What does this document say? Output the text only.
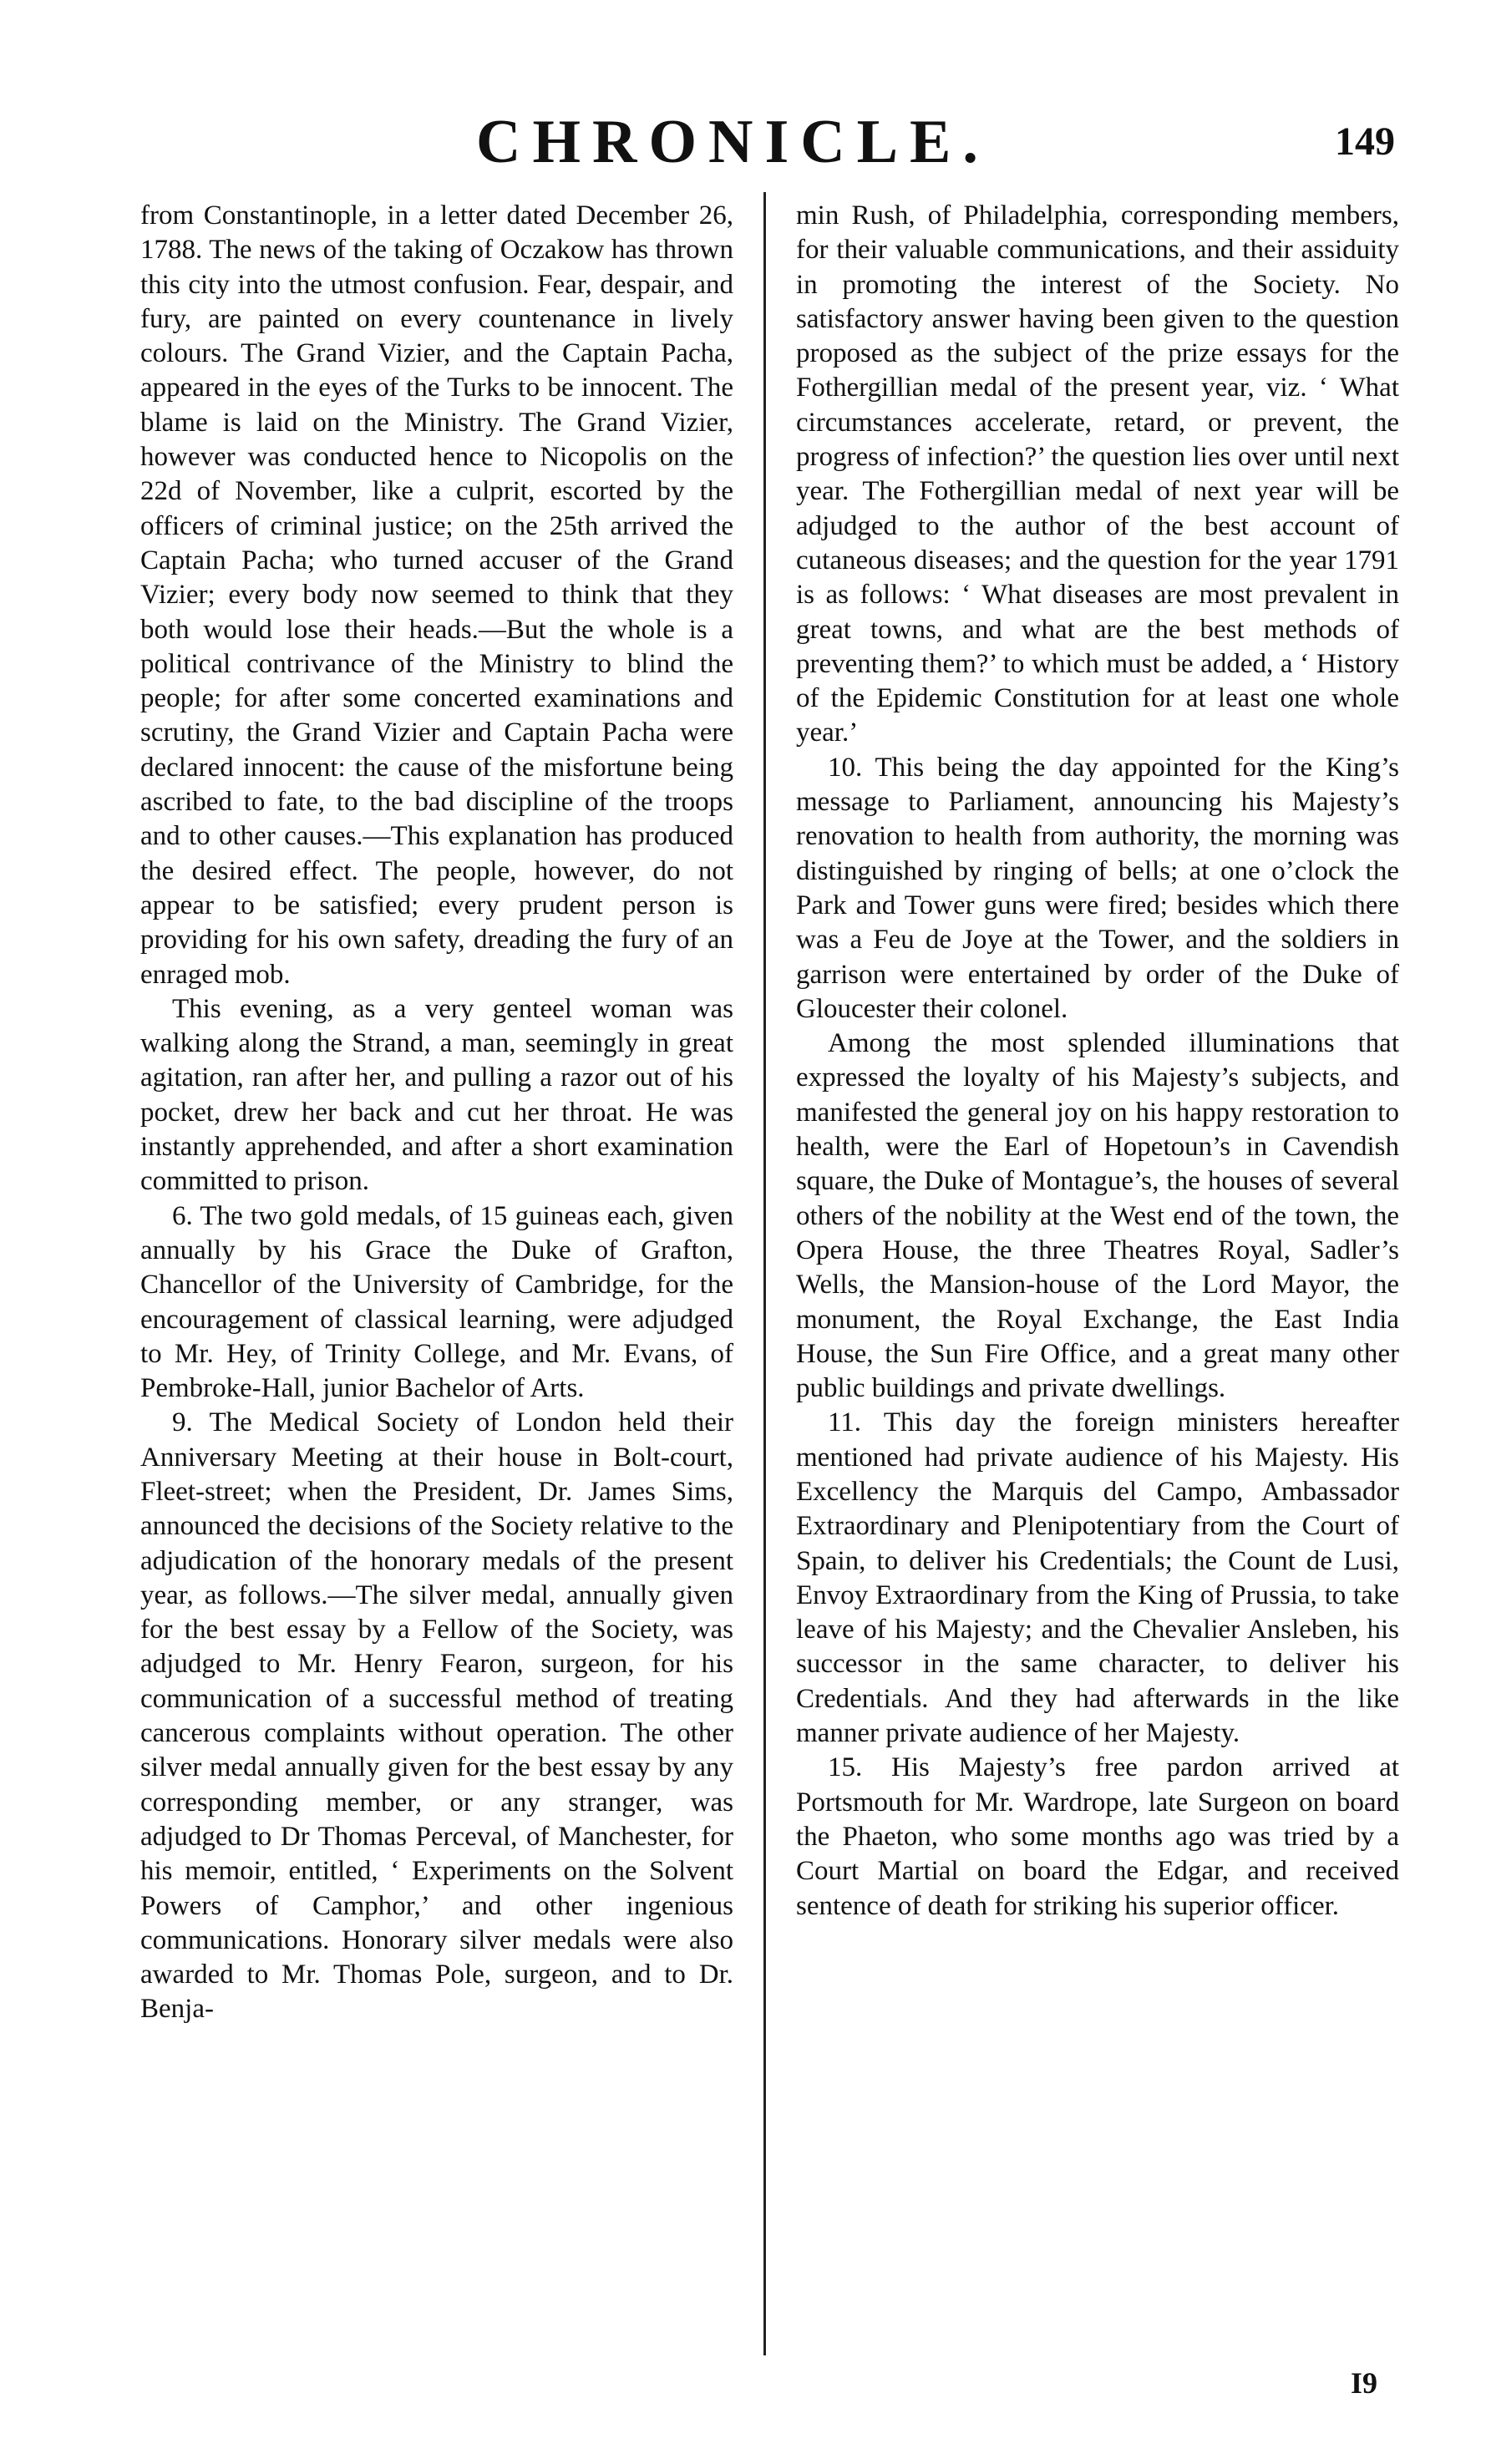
CHRONICLE.	149

from Constantinople, in a letter dated December 26, 1788. The news of the taking of Oczakow has thrown this city into the utmost confusion. Fear, despair, and fury, are painted on every countenance in lively colours. The Grand Vizier, and the Captain Pacha, appeared in the eyes of the Turks to be innocent. The blame is laid on the Ministry. The Grand Vizier, however was conducted hence to Nicopolis on the 22d of November, like a culprit, escorted by the officers of criminal justice; on the 25th arrived the Captain Pacha; who turned accuser of the Grand Vizier; every body now seemed to think that they both would lose their heads.—But the whole is a political contrivance of the Ministry to blind the people; for after some concerted examinations and scrutiny, the Grand Vizier and Captain Pacha were declared innocent: the cause of the misfortune being ascribed to fate, to the bad discipline of the troops and to other causes.—This explanation has produced the desired effect. The people, however, do not appear to be satisfied; every prudent person is providing for his own safety, dreading the fury of an enraged mob.

This evening, as a very genteel woman was walking along the Strand, a man, seemingly in great agitation, ran after her, and pulling a razor out of his pocket, drew her back and cut her throat. He was instantly apprehended, and after a short examination committed to prison.

6. The two gold medals, of 15 guineas each, given annually by his Grace the Duke of Grafton, Chancellor of the University of Cambridge, for the encouragement of classical learning, were adjudged to Mr. Hey, of Trinity College, and Mr. Evans, of Pembroke-Hall, junior Bachelor of Arts.

9. The Medical Society of London held their Anniversary Meeting at their house in Bolt-court, Fleet-street; when the President, Dr. James Sims, announced the decisions of the Society relative to the adjudication of the honorary medals of the present year, as follows.—The silver medal, annually given for the best essay by a Fellow of the Society, was adjudged to Mr. Henry Fearon, surgeon, for his communication of a successful method of treating cancerous complaints without operation. The other silver medal annually given for the best essay by any corresponding member, or any stranger, was adjudged to Dr Thomas Perceval, of Manchester, for his memoir, entitled, ‘ Experiments on the Solvent Powers of Camphor,’ and other ingenious communications. Honorary silver medals were also awarded to Mr. Thomas Pole, surgeon, and to Dr. Benja-

min Rush, of Philadelphia, corresponding members, for their valuable communications, and their assiduity in promoting the interest of the Society. No satisfactory answer having been given to the question proposed as the subject of the prize essays for the Fothergillian medal of the present year, viz. ‘ What circumstances accelerate, retard, or prevent, the progress of infection?’ the question lies over until next year. The Fothergillian medal of next year will be adjudged to the author of the best account of cutaneous diseases; and the question for the year 1791 is as follows: ‘ What diseases are most prevalent in great towns, and what are the best methods of preventing them?’ to which must be added, a ‘ History of the Epidemic Constitution for at least one whole year.’

10. This being the day appointed for the King’s message to Parliament, announcing his Majesty’s renovation to health from authority, the morning was distinguished by ringing of bells; at one o’clock the Park and Tower guns were fired; besides which there was a Feu de Joye at the Tower, and the soldiers in garrison were entertained by order of the Duke of Gloucester their colonel.

Among the most splended illuminations that expressed the loyalty of his Majesty’s subjects, and manifested the general joy on his happy restoration to health, were the Earl of Hopetoun’s in Cavendish square, the Duke of Montague’s, the houses of several others of the nobility at the West end of the town, the Opera House, the three Theatres Royal, Sadler’s Wells, the Mansion-house of the Lord Mayor, the monument, the Royal Exchange, the East India House, the Sun Fire Office, and a great many other public buildings and private dwellings.

11. This day the foreign ministers hereafter mentioned had private audience of his Majesty. His Excellency the Marquis del Campo, Ambassador Extraordinary and Plenipotentiary from the Court of Spain, to deliver his Credentials; the Count de Lusi, Envoy Extraordinary from the King of Prussia, to take leave of his Majesty; and the Chevalier Ansleben, his successor in the same character, to deliver his Credentials. And they had afterwards in the like manner private audience of her Majesty.

15. His Majesty’s free pardon arrived at Portsmouth for Mr. Wardrope, late Surgeon on board the Phaeton, who some months ago was tried by a Court Martial on board the Edgar, and received sentence of death for striking his superior officer.

I9
